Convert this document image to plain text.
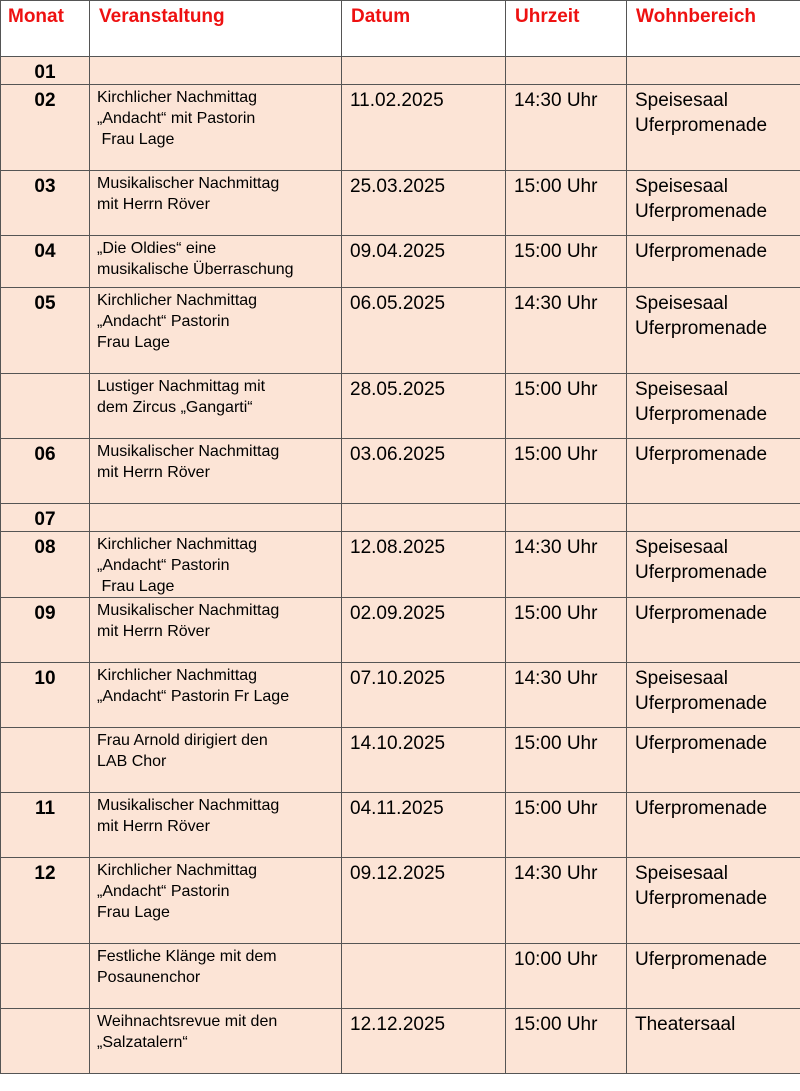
Monat	Veranstaltung	Datum	Uhrzeit	Wohnbereich
01				
02	Kirchlicher Nachmittag
„Andacht“ mit Pastorin
Frau Lage	11.02.2025	14:30 Uhr	Speisesaal
Uferpromenade
03	Musikalischer Nachmittag
mit Herrn Röver	25.03.2025	15:00 Uhr	Speisesaal
Uferpromenade
04	„Die Oldies“ eine
musikalische Überraschung	09.04.2025	15:00 Uhr	Uferpromenade
05	Kirchlicher Nachmittag
„Andacht“ Pastorin
Frau Lage	06.05.2025	14:30 Uhr	Speisesaal
Uferpromenade
	Lustiger Nachmittag mit
dem Zircus „Gangarti“	28.05.2025	15:00 Uhr	Speisesaal
Uferpromenade
06	Musikalischer Nachmittag
mit Herrn Röver	03.06.2025	15:00 Uhr	Uferpromenade
07				
08	Kirchlicher Nachmittag
„Andacht“ Pastorin
Frau Lage	12.08.2025	14:30 Uhr	Speisesaal
Uferpromenade
09	Musikalischer Nachmittag
mit Herrn Röver	02.09.2025	15:00 Uhr	Uferpromenade
10	Kirchlicher Nachmittag
„Andacht“ Pastorin Fr Lage	07.10.2025	14:30 Uhr	Speisesaal
Uferpromenade
	Frau Arnold dirigiert den
LAB Chor	14.10.2025	15:00 Uhr	Uferpromenade
11	Musikalischer Nachmittag
mit Herrn Röver	04.11.2025	15:00 Uhr	Uferpromenade
12	Kirchlicher Nachmittag
„Andacht“ Pastorin
Frau Lage	09.12.2025	14:30 Uhr	Speisesaal
Uferpromenade
	Festliche Klänge mit dem
Posaunenchor		10:00 Uhr	Uferpromenade
	Weihnachtsrevue mit den
„Salzatalern“	12.12.2025	15:00 Uhr	Theatersaal
